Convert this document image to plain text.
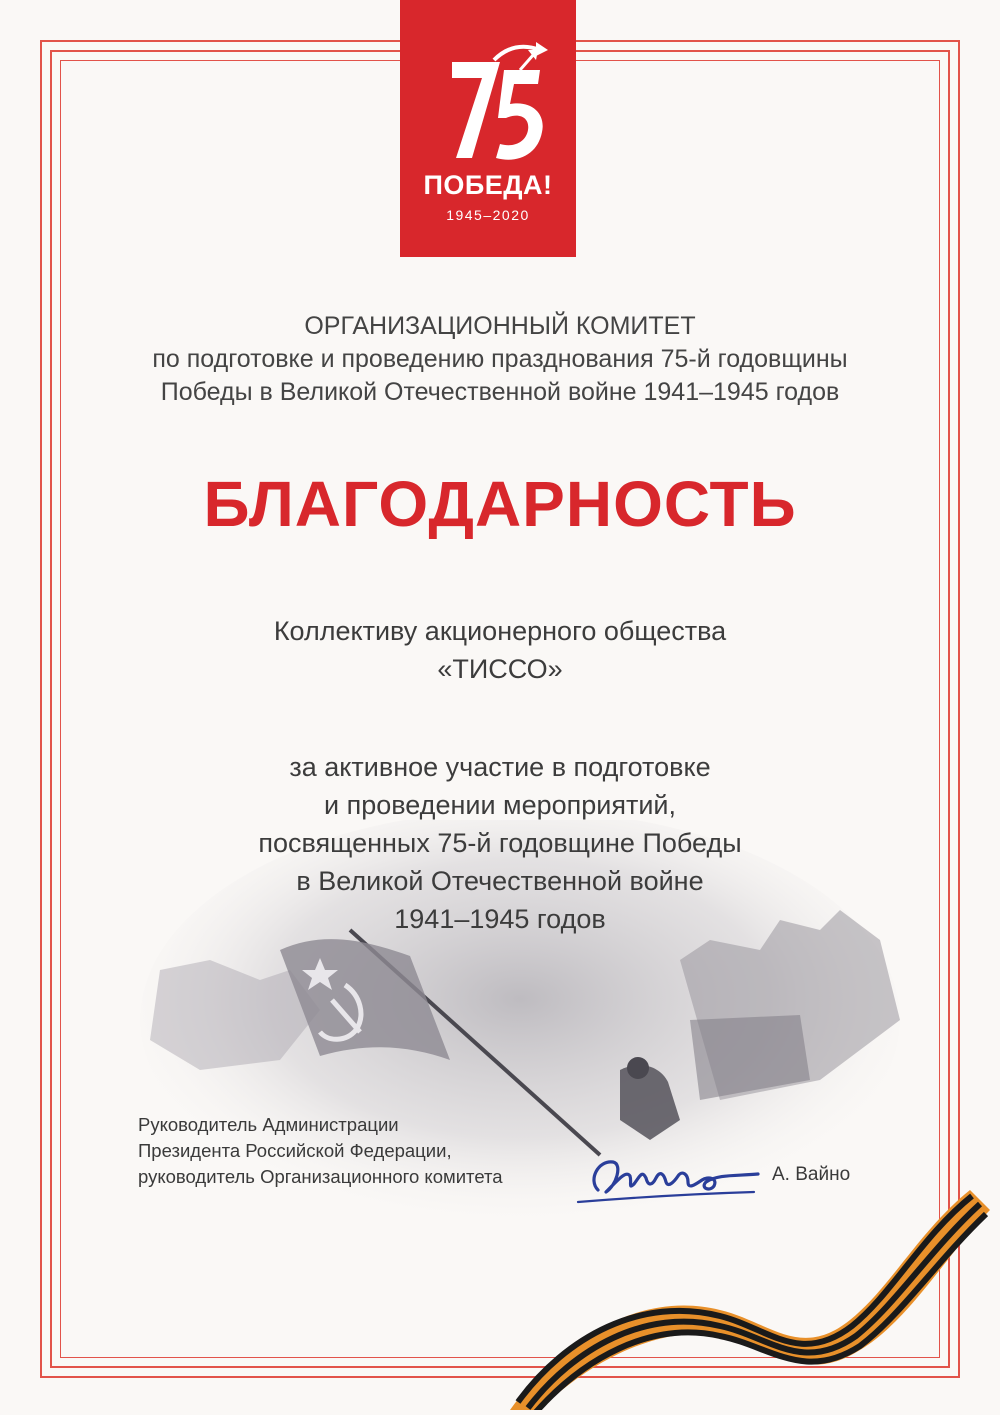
ПОБЕДА!
1945–2020
ОРГАНИЗАЦИОННЫЙ КОМИТЕТ
по подготовке и проведению празднования 75-й годовщины
Победы в Великой Отечественной войне 1941–1945 годов
БЛАГОДАРНОСТЬ
Коллективу акционерного общества
«ТИССО»
за активное участие в подготовке
и проведении мероприятий,
посвященных 75-й годовщине Победы
в Великой Отечественной войне
1941–1945 годов
Руководитель Администрации
Президента Российской Федерации,
руководитель Организационного комитета	А. Вайно
